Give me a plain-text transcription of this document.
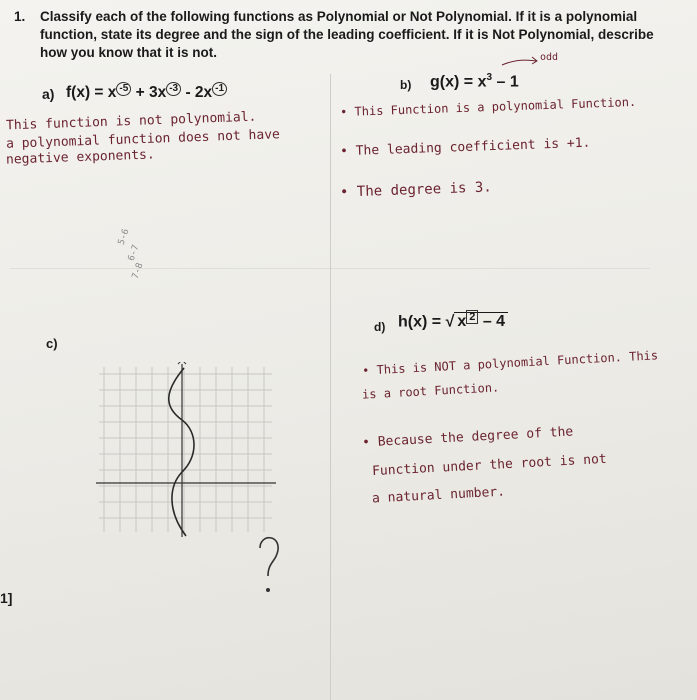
1. Classify each of the following functions as Polynomial or Not Polynomial. If it is a polynomial
function, state its degree and the sign of the leading coefficient. If it is Not Polynomial, describe
how you know that it is not.
a) f(x) = x -5 + 3x -3 - 2x -1
This function is not polynomial.
a polynomial function does not have
negative exponents.
b) $g(x) = x^3 - 1$
odd
• This Function is a polynomial Function.
• The leading coefficient is +1.
• The degree is 3.
c)
5-6
6-7
7-8
d) h(x) = √ x 2 – 4
• This is NOT a polynomial Function. This
is a root Function.
• Because the degree of the
Function under the root is not
a natural number.
1]
